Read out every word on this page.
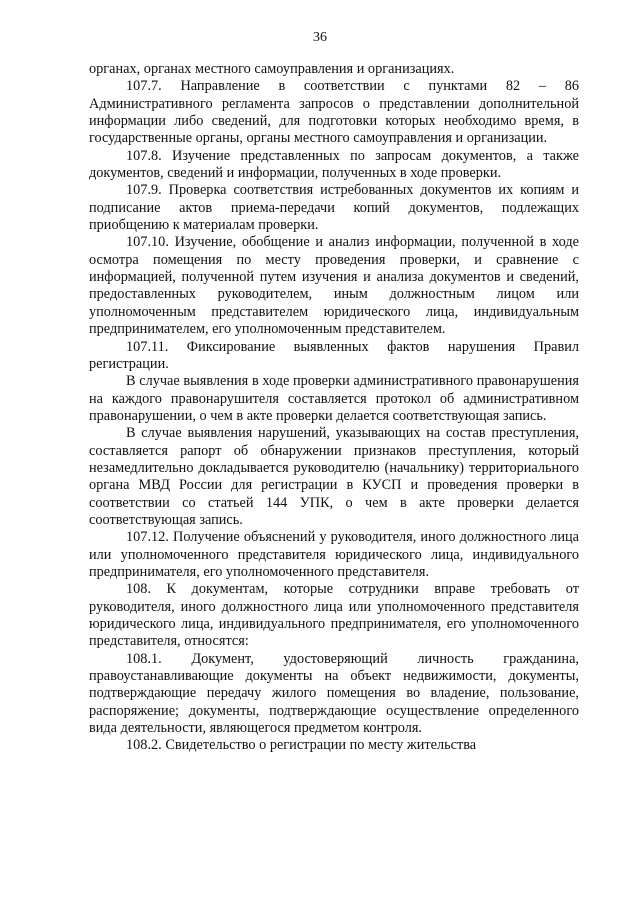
36

органах, органах местного самоуправления и организациях.

107.7. Направление в соответствии с пунктами 82 – 86 Административного регламента запросов о представлении дополнительной информации либо сведений, для подготовки которых необходимо время, в государственные органы, органы местного самоуправления и организации.

107.8. Изучение представленных по запросам документов, а также документов, сведений и информации, полученных в ходе проверки.

107.9. Проверка соответствия истребованных документов их копиям и подписание актов приема-передачи копий документов, подлежащих приобщению к материалам проверки.

107.10. Изучение, обобщение и анализ информации, полученной в ходе осмотра помещения по месту проведения проверки, и сравнение с информацией, полученной путем изучения и анализа документов и сведений, предоставленных руководителем, иным должностным лицом или уполномоченным представителем юридического лица, индивидуальным предпринимателем, его уполномоченным представителем.

107.11. Фиксирование выявленных фактов нарушения Правил регистрации.

В случае выявления в ходе проверки административного правонарушения на каждого правонарушителя составляется протокол об административном правонарушении, о чем в акте проверки делается соответствующая запись.

В случае выявления нарушений, указывающих на состав преступления, составляется рапорт об обнаружении признаков преступления, который незамедлительно докладывается руководителю (начальнику) территориального органа МВД России для регистрации в КУСП и проведения проверки в соответствии со статьей 144 УПК, о чем в акте проверки делается соответствующая запись.

107.12. Получение объяснений у руководителя, иного должностного лица или уполномоченного представителя юридического лица, индивидуального предпринимателя, его уполномоченного представителя.

108. К документам, которые сотрудники вправе требовать от руководителя, иного должностного лица или уполномоченного представителя юридического лица, индивидуального предпринимателя, его уполномоченного представителя, относятся:

108.1. Документ, удостоверяющий личность гражданина, правоустанавливающие документы на объект недвижимости, документы, подтверждающие передачу жилого помещения во владение, пользование, распоряжение; документы, подтверждающие осуществление определенного вида деятельности, являющегося предметом контроля.

108.2. Свидетельство о регистрации по месту жительства
